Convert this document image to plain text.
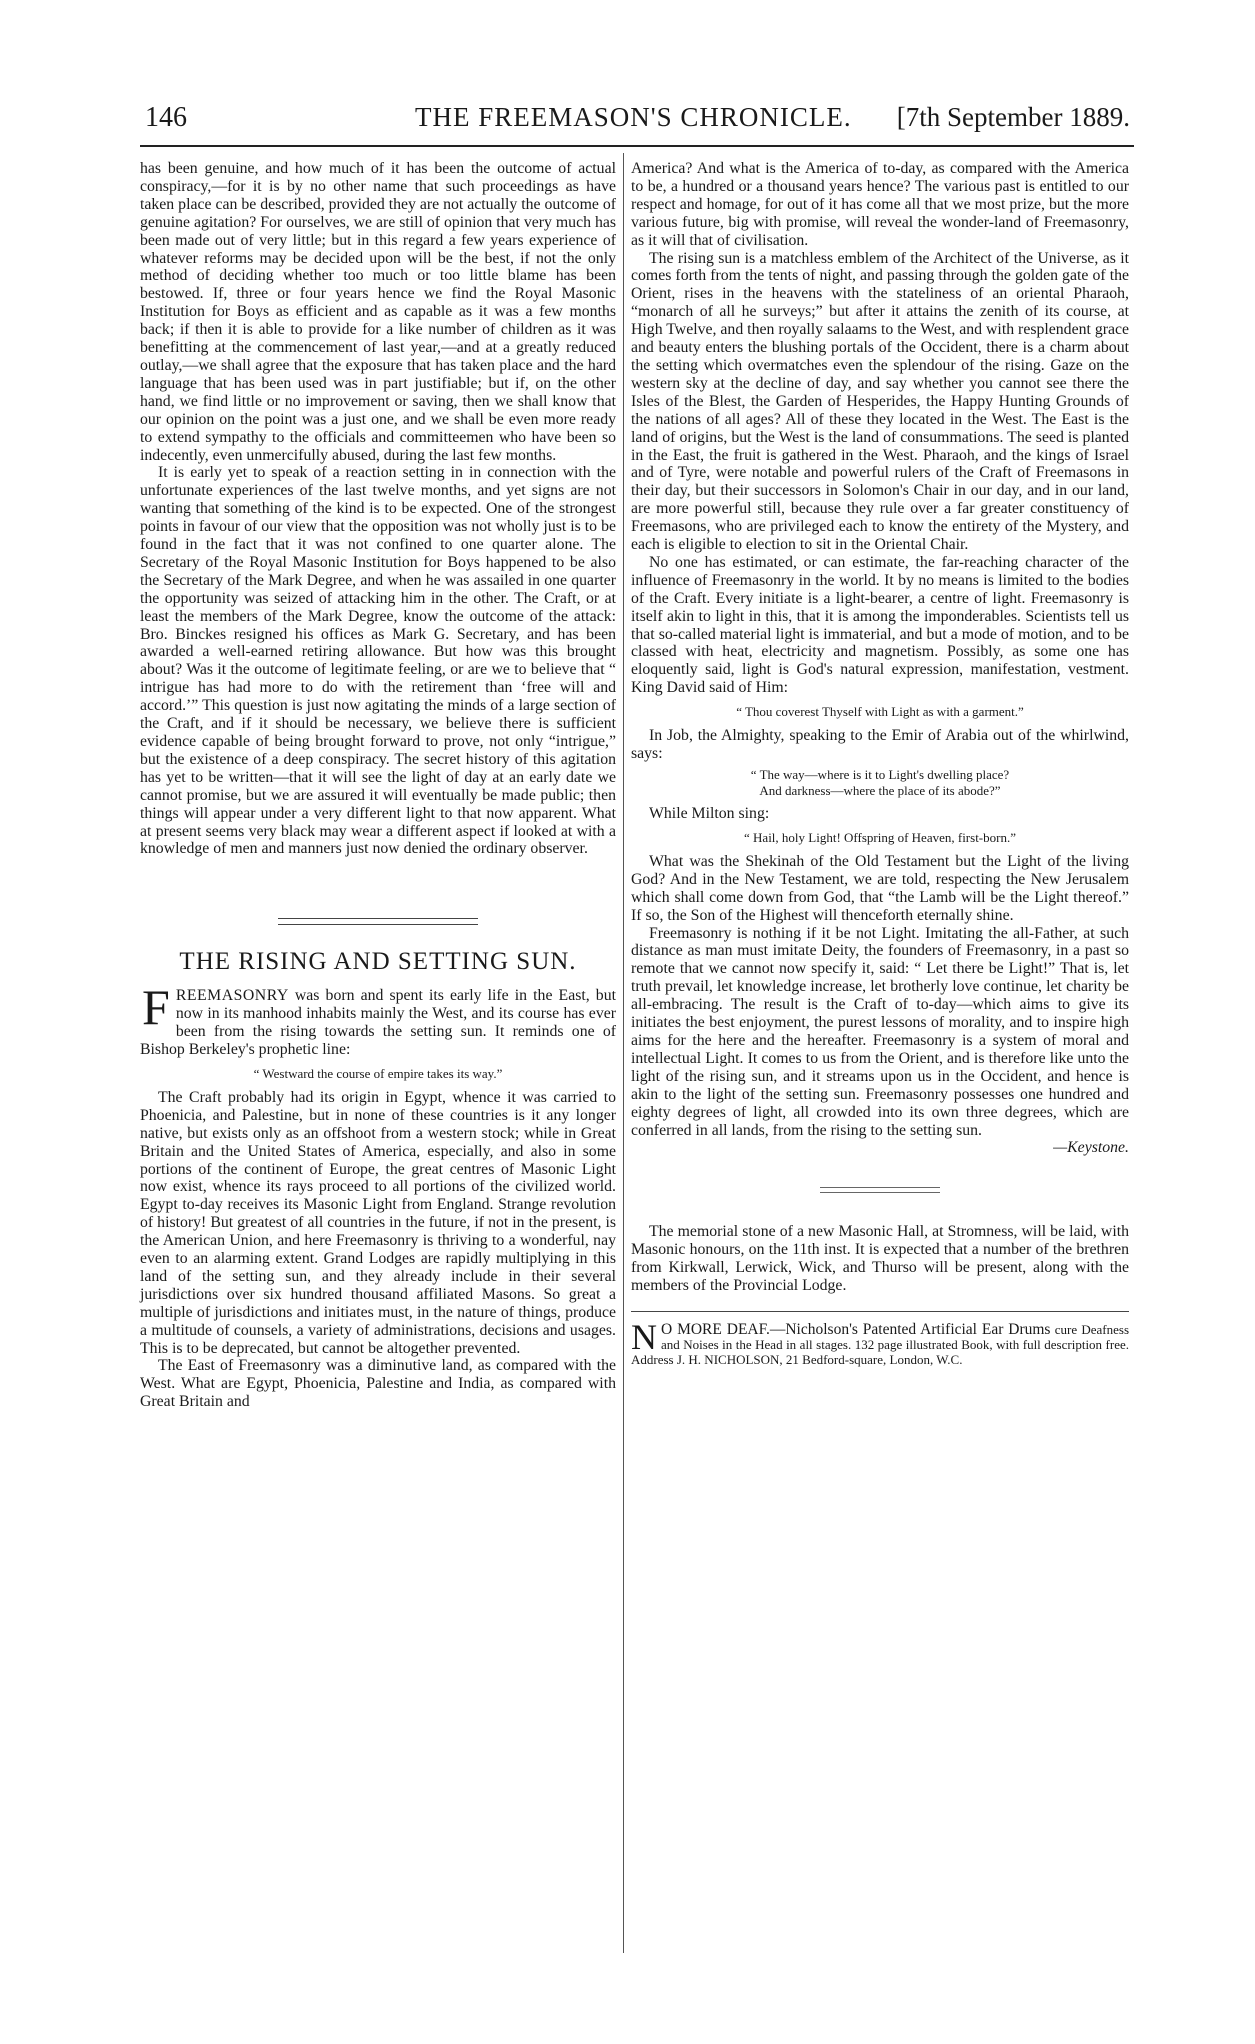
146	THE FREEMASON'S CHRONICLE. [7th September 1889.

has been genuine, and how much of it has been the outcome of actual conspiracy,—for it is by no other name that such proceedings as have taken place can be described, provided they are not actually the outcome of genuine agitation? For ourselves, we are still of opinion that very much has been made out of very little; but in this regard a few years experience of whatever reforms may be decided upon will be the best, if not the only method of deciding whether too much or too little blame has been bestowed. If, three or four years hence we find the Royal Masonic Institution for Boys as efficient and as capable as it was a few months back; if then it is able to provide for a like number of children as it was benefitting at the commencement of last year,—and at a greatly reduced outlay,—we shall agree that the exposure that has taken place and the hard language that has been used was in part justifiable; but if, on the other hand, we find little or no improvement or saving, then we shall know that our opinion on the point was a just one, and we shall be even more ready to extend sympathy to the officials and committeemen who have been so indecently, even unmercifully abused, during the last few months.

It is early yet to speak of a reaction setting in in connection with the unfortunate experiences of the last twelve months, and yet signs are not wanting that something of the kind is to be expected. One of the strongest points in favour of our view that the opposition was not wholly just is to be found in the fact that it was not confined to one quarter alone. The Secretary of the Royal Masonic Institution for Boys happened to be also the Secretary of the Mark Degree, and when he was assailed in one quarter the opportunity was seized of attacking him in the other. The Craft, or at least the members of the Mark Degree, know the outcome of the attack: Bro. Binckes resigned his offices as Mark G. Secretary, and has been awarded a well-earned retiring allowance. But how was this brought about? Was it the outcome of legitimate feeling, or are we to believe that “ intrigue has had more to do with the retirement than ‘free will and accord.’” This question is just now agitating the minds of a large section of the Craft, and if it should be necessary, we believe there is sufficient evidence capable of being brought forward to prove, not only “intrigue,” but the existence of a deep conspiracy. The secret history of this agitation has yet to be written—that it will see the light of day at an early date we cannot promise, but we are assured it will eventually be made public; then things will appear under a very different light to that now apparent. What at present seems very black may wear a different aspect if looked at with a knowledge of men and manners just now denied the ordinary observer.

THE RISING AND SETTING SUN.

FREEMASONRY was born and spent its early life in the East, but now in its manhood inhabits mainly the West, and its course has ever been from the rising towards the setting sun. It reminds one of Bishop Berkeley's prophetic line:

“ Westward the course of empire takes its way.”

The Craft probably had its origin in Egypt, whence it was carried to Phoenicia, and Palestine, but in none of these countries is it any longer native, but exists only as an offshoot from a western stock; while in Great Britain and the United States of America, especially, and also in some portions of the continent of Europe, the great centres of Masonic Light now exist, whence its rays proceed to all portions of the civilized world. Egypt to-day receives its Masonic Light from England. Strange revolution of history! But greatest of all countries in the future, if not in the present, is the American Union, and here Freemasonry is thriving to a wonderful, nay even to an alarming extent. Grand Lodges are rapidly multiplying in this land of the setting sun, and they already include in their several jurisdictions over six hundred thousand affiliated Masons. So great a multiple of jurisdictions and initiates must, in the nature of things, produce a multitude of counsels, a variety of administrations, decisions and usages. This is to be deprecated, but cannot be altogether prevented.

The East of Freemasonry was a diminutive land, as compared with the West. What are Egypt, Phoenicia, Palestine and India, as compared with Great Britain and

America? And what is the America of to-day, as compared with the America to be, a hundred or a thousand years hence? The various past is entitled to our respect and homage, for out of it has come all that we most prize, but the more various future, big with promise, will reveal the wonder-land of Freemasonry, as it will that of civilisation.

The rising sun is a matchless emblem of the Architect of the Universe, as it comes forth from the tents of night, and passing through the golden gate of the Orient, rises in the heavens with the stateliness of an oriental Pharaoh, “monarch of all he surveys;” but after it attains the zenith of its course, at High Twelve, and then royally salaams to the West, and with resplendent grace and beauty enters the blushing portals of the Occident, there is a charm about the setting which overmatches even the splendour of the rising. Gaze on the western sky at the decline of day, and say whether you cannot see there the Isles of the Blest, the Garden of Hesperides, the Happy Hunting Grounds of the nations of all ages? All of these they located in the West. The East is the land of origins, but the West is the land of consummations. The seed is planted in the East, the fruit is gathered in the West. Pharaoh, and the kings of Israel and of Tyre, were notable and powerful rulers of the Craft of Freemasons in their day, but their successors in Solomon's Chair in our day, and in our land, are more powerful still, because they rule over a far greater constituency of Freemasons, who are privileged each to know the entirety of the Mystery, and each is eligible to election to sit in the Oriental Chair.

No one has estimated, or can estimate, the far-reaching character of the influence of Freemasonry in the world. It by no means is limited to the bodies of the Craft. Every initiate is a light-bearer, a centre of light. Freemasonry is itself akin to light in this, that it is among the imponderables. Scientists tell us that so-called material light is immaterial, and but a mode of motion, and to be classed with heat, electricity and magnetism. Possibly, as some one has eloquently said, light is God's natural expression, manifestation, vestment. King David said of Him:

“ Thou coverest Thyself with Light as with a garment.”

In Job, the Almighty, speaking to the Emir of Arabia out of the whirlwind, says:

“ The way—where is it to Light's dwelling place?
And darkness—where the place of its abode?”

While Milton sing:

“ Hail, holy Light! Offspring of Heaven, first-born.”

What was the Shekinah of the Old Testament but the Light of the living God? And in the New Testament, we are told, respecting the New Jerusalem which shall come down from God, that “the Lamb will be the Light thereof.” If so, the Son of the Highest will thenceforth eternally shine.

Freemasonry is nothing if it be not Light. Imitating the all-Father, at such distance as man must imitate Deity, the founders of Freemasonry, in a past so remote that we cannot now specify it, said: “ Let there be Light!” That is, let truth prevail, let knowledge increase, let brotherly love continue, let charity be all-embracing. The result is the Craft of to-day—which aims to give its initiates the best enjoyment, the purest lessons of morality, and to inspire high aims for the here and the hereafter. Freemasonry is a system of moral and intellectual Light. It comes to us from the Orient, and is therefore like unto the light of the rising sun, and it streams upon us in the Occident, and hence is akin to the light of the setting sun. Freemasonry possesses one hundred and eighty degrees of light, all crowded into its own three degrees, which are conferred in all lands, from the rising to the setting sun.

—Keystone.

The memorial stone of a new Masonic Hall, at Stromness, will be laid, with Masonic honours, on the 11th inst. It is expected that a number of the brethren from Kirkwall, Lerwick, Wick, and Thurso will be present, along with the members of the Provincial Lodge.

N O MORE DEAF.—Nicholson's Patented Artificial Ear Drums cure Deafness and Noises in the Head in all stages. 132 page illustrated Book, with full description free. Address J. H. NICHOLSON, 21 Bedford-square, London, W.C.
